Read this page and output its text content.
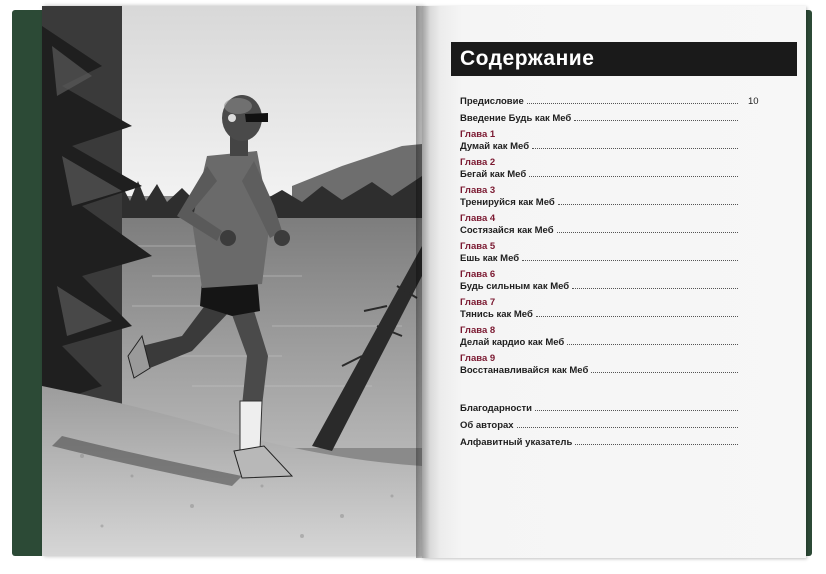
Содержание
Предисловие	10
Введение Будь как Меб
Глава 1
Думай как Меб
Глава 2
Бегай как Меб
Глава 3
Тренируйся как Меб
Глава 4
Состязайся как Меб
Глава 5
Ешь как Меб
Глава 6
Будь сильным как Меб
Глава 7
Тянись как Меб
Глава 8
Делай кардио как Меб
Глава 9
Восстанавливайся как Меб
Благодарности
Об авторах
Алфавитный указатель
